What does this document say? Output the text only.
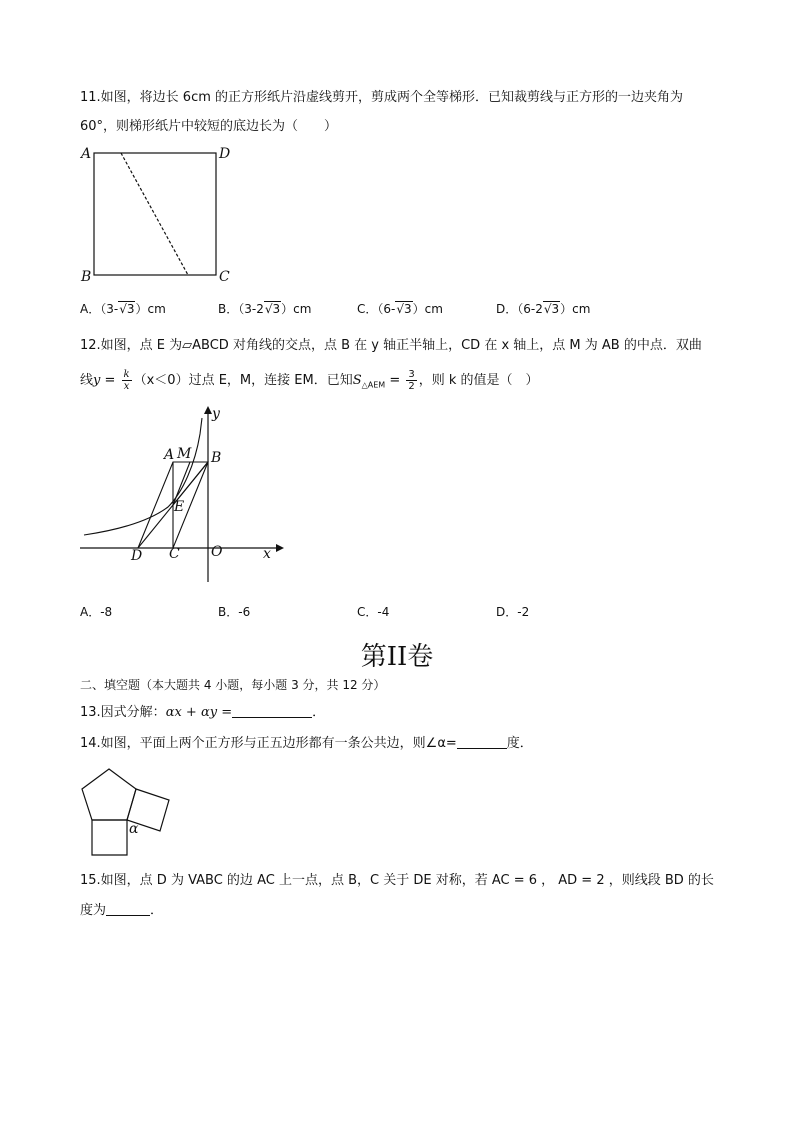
11.如图，将边长 6cm 的正方形纸片沿虚线剪开，剪成两个全等梯形．已知裁剪线与正方形的一边夹角为
60°，则梯形纸片中较短的底边长为（　　）
A	D
B	C
A．（3-√3）cm	B．（3-2√3）cm	C．（6-√3）cm	D．（6-2√3）cm
12.如图，点 E 为▱ABCD 对角线的交点，点 B 在 y 轴正半轴上，CD 在 x 轴上，点 M 为 AB 的中点．双曲
线$y = \frac{k}{x} (x<0)$过点 E，M，连接 EM．已知$S_{\triangle AEM} = \frac{3}{2}$ ，则 k 的值是（　）
y
A M B
E
D C O	x
A．-8	B．-6	C．-4	D．-2
第II卷
二、填空题（本大题共 4 小题，每小题 3 分，共 12 分）
13.因式分解：αx + αy =	．
14.如图，平面上两个正方形与正五边形都有一条公共边，则∠α=	度．
α
15.如图，点 D 为 VABC 的边 AC 上一点，点 B，C 关于 DE 对称，若 AC = 6 ， AD = 2 ，则线段 BD 的长
度为	．
